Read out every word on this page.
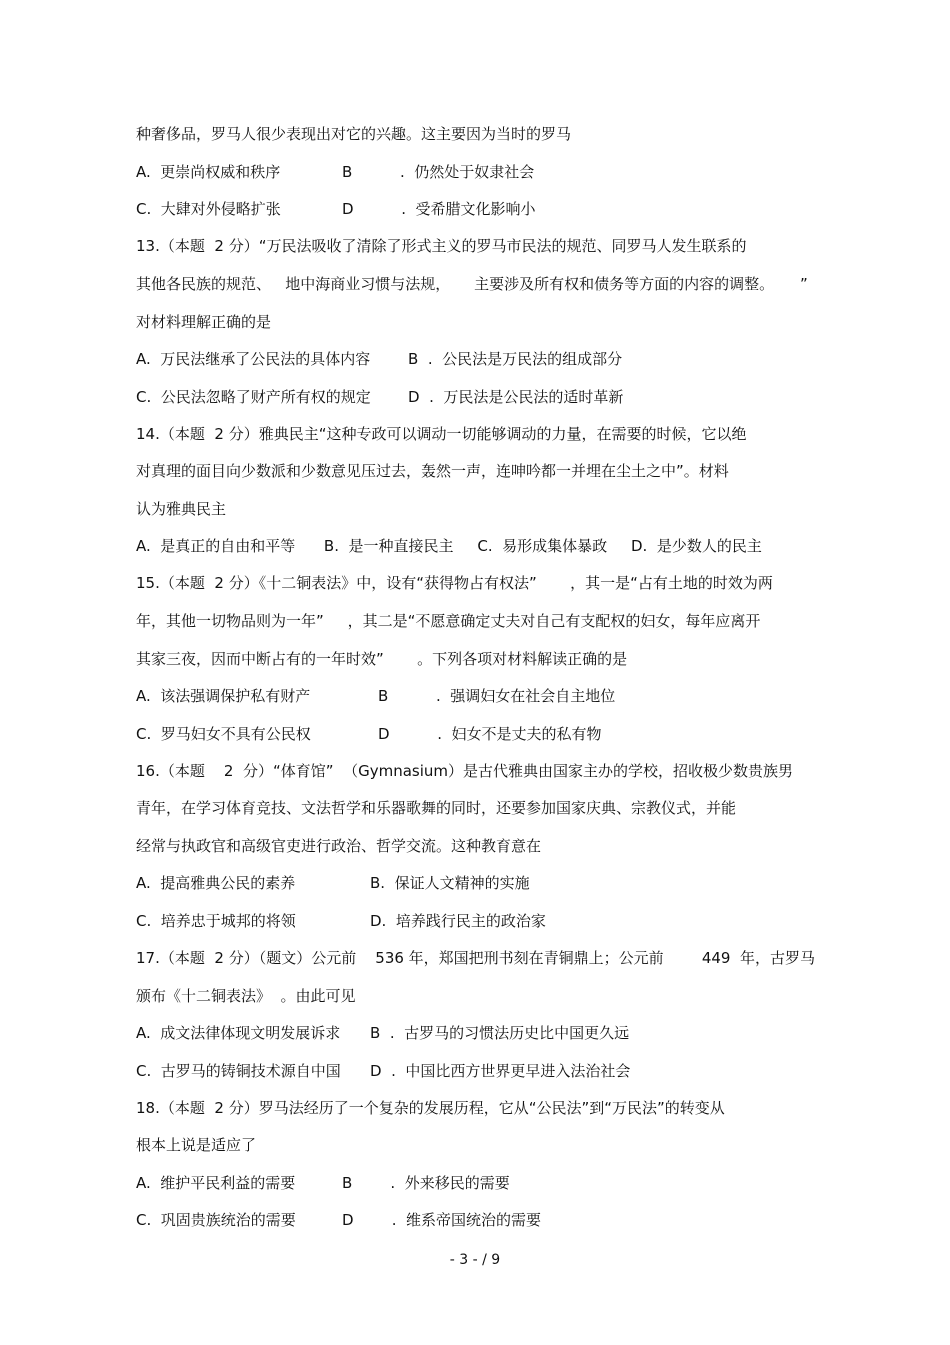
种奢侈品，罗马人很少表现出对它的兴趣。这主要因为当时的罗马
A.  更崇尚权威和秩序	B          .  仍然处于奴隶社会
C.  大肆对外侵略扩张	D          .  受希腊文化影响小
13.（本题  2 分）“万民法吸收了清除了形式主义的罗马市民法的规范、同罗马人发生联系的
其他各民族的规范、   地中海商业习惯与法规，     主要涉及所有权和债务等方面的内容的调整。 ”
对材料理解正确的是
A.  万民法继承了公民法的具体内容	B  .  公民法是万民法的组成部分
C.  公民法忽略了财产所有权的规定 D  .  万民法是公民法的适时革新
14.（本题  2 分）雅典民主“这种专政可以调动一切能够调动的力量，在需要的时候，它以绝
对真理的面目向少数派和少数意见压过去，轰然一声，连呻吟都一并埋在尘土之中”。材料
认为雅典民主
A.  是真正的自由和平等      B.  是一种直接民主     C.  易形成集体暴政     D.  是少数人的民主
15.（本题  2 分）《十二铜表法》中，设有“获得物占有权法”       ，其一是“占有土地的时效为两
年，其他一切物品则为一年”     ，其二是“不愿意确定丈夫对自己有支配权的妇女，每年应离开
其家三夜，因而中断占有的一年时效”       。下列各项对材料解读正确的是
A.  该法强调保护私有财产	B          .  强调妇女在社会自主地位
C.  罗马妇女不具有公民权	D          .  妇女不是丈夫的私有物
16.（本题    2  分）“体育馆”  （Gymnasium）是古代雅典由国家主办的学校，招收极少数贵族男
青年，在学习体育竞技、文法哲学和乐器歌舞的同时，还要参加国家庆典、宗教仪式，并能
经常与执政官和高级官吏进行政治、哲学交流。这种教育意在
A.  提高雅典公民的素养	B.  保证人文精神的实施
C.  培养忠于城邦的将领	D.  培养践行民主的政治家
17.（本题  2 分）（题文）公元前    536 年，郑国把刑书刻在青铜鼎上；公元前        449  年，古罗马
颁布《十二铜表法》  。由此可见
A.  成文法律体现文明发展诉求 B  .  古罗马的习惯法历史比中国更久远
C.  古罗马的铸铜技术源自中国 D  .  中国比西方世界更早进入法治社会
18.（本题  2 分）罗马法经历了一个复杂的发展历程，它从“公民法”到“万民法”的转变从
根本上说是适应了
A.  维护平民利益的需要	B        .  外来移民的需要
C.  巩固贵族统治的需要	D        .  维系帝国统治的需要
- 3 - / 9
